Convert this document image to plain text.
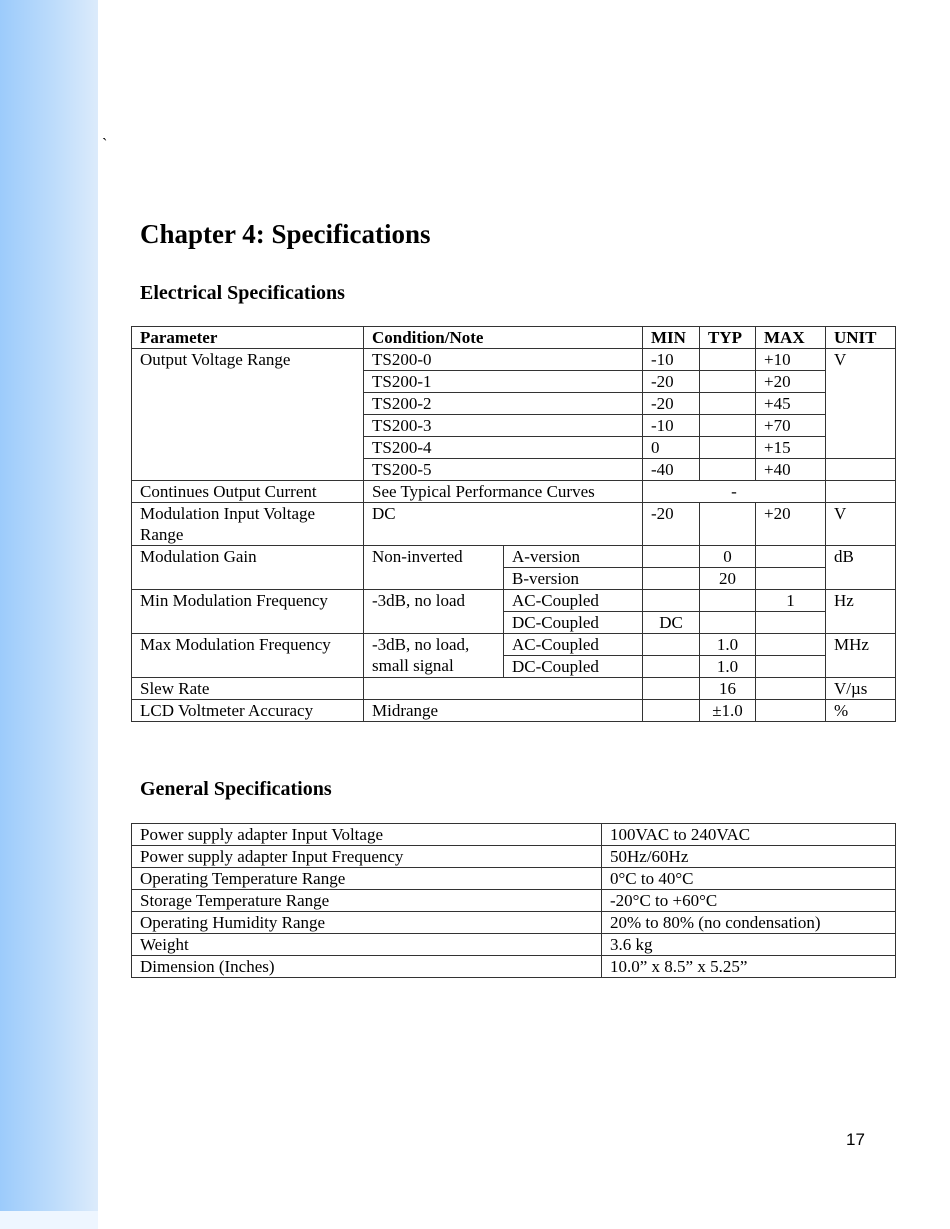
`
Chapter 4: Specifications
Electrical Specifications
Parameter	Condition/Note		MIN	TYP	MAX	UNIT
Output Voltage Range	TS200-0		-10		+10	V
	TS200-1		-20		+20	
	TS200-2		-20		+45	
	TS200-3		-10		+70	
	TS200-4		0		+15	
	TS200-5		-40		+40	
Continues Output Current	See Typical Performance Curves		-			
Modulation Input Voltage Range	DC		-20		+20	V
Modulation Gain	Non-inverted	A-version		0		dB
		B-version		20		
Min Modulation Frequency	-3dB, no load	AC-Coupled			1	Hz
		DC-Coupled	DC			
Max Modulation Frequency	-3dB, no load, small signal	AC-Coupled		1.0		MHz
		DC-Coupled		1.0		
Slew Rate				16		V/µs
LCD Voltmeter Accuracy	Midrange			±1.0		%
General Specifications
Power supply adapter Input Voltage	100VAC to 240VAC
Power supply adapter Input Frequency	50Hz/60Hz
Operating Temperature Range	0°C to 40°C
Storage Temperature Range	-20°C to +60°C
Operating Humidity Range	20% to 80% (no condensation)
Weight	3.6 kg
Dimension (Inches)	10.0” x 8.5” x 5.25”
17
